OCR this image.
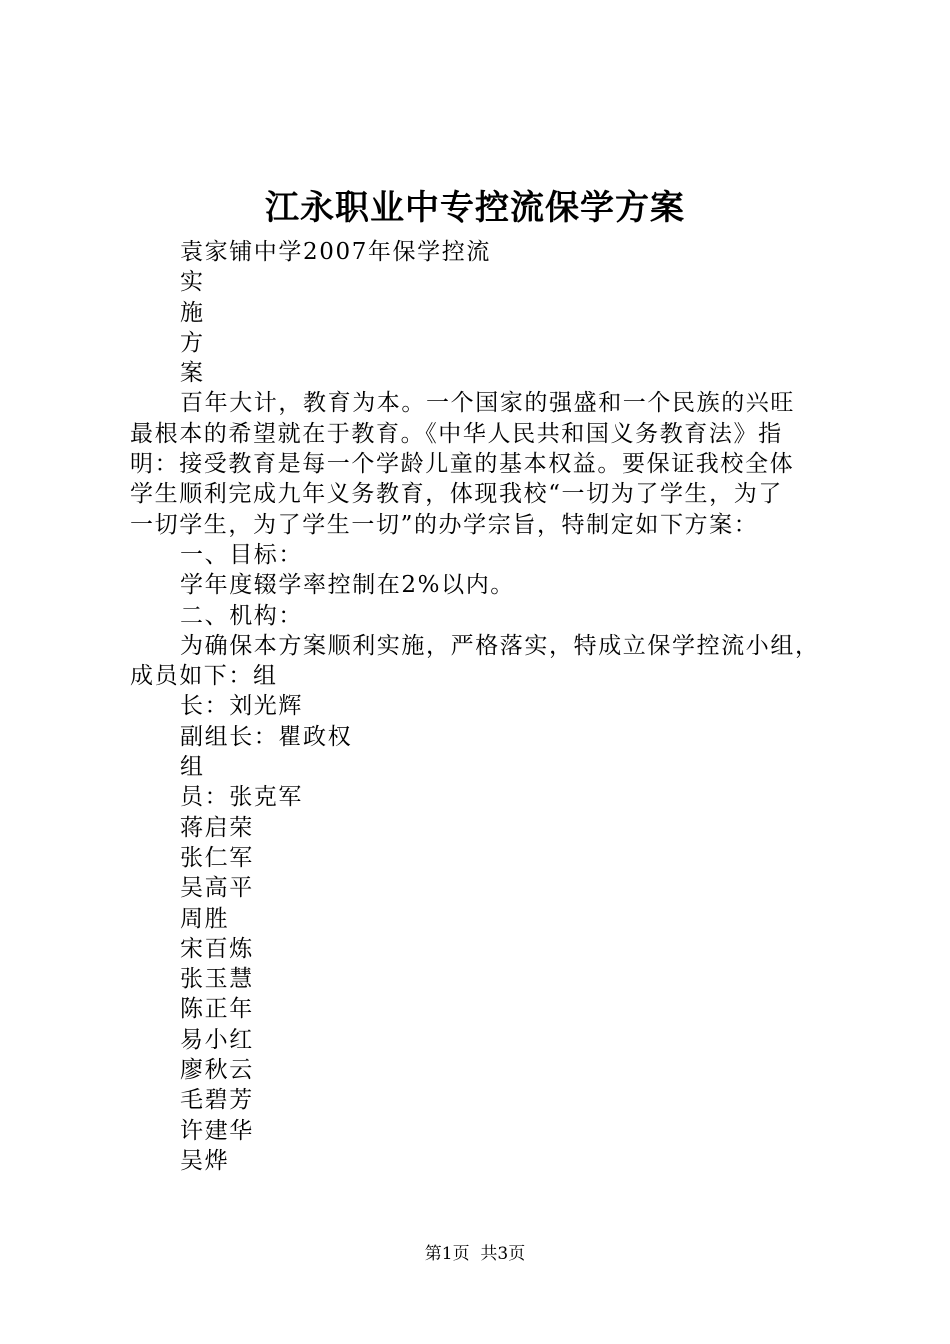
江永职业中专控流保学方案
袁家铺中学2007年保学控流
实
施
方
案
百年大计，教育为本。一个国家的强盛和一个民族的兴旺
最根本的希望就在于教育。《中华人民共和国义务教育法》指
明：接受教育是每一个学龄儿童的基本权益。要保证我校全体
学生顺利完成九年义务教育，体现我校“一切为了学生，为了
一切学生，为了学生一切”的办学宗旨，特制定如下方案：
一、目标：
学年度辍学率控制在2%以内。
二、机构：
为确保本方案顺利实施，严格落实，特成立保学控流小组，
成员如下：组
长：刘光辉
副组长：瞿政权
组
员：张克军
蒋启荣
张仁军
吴高平
周胜
宋百炼
张玉慧
陈正年
易小红
廖秋云
毛碧芳
许建华
吴烨
第1页  共3页
